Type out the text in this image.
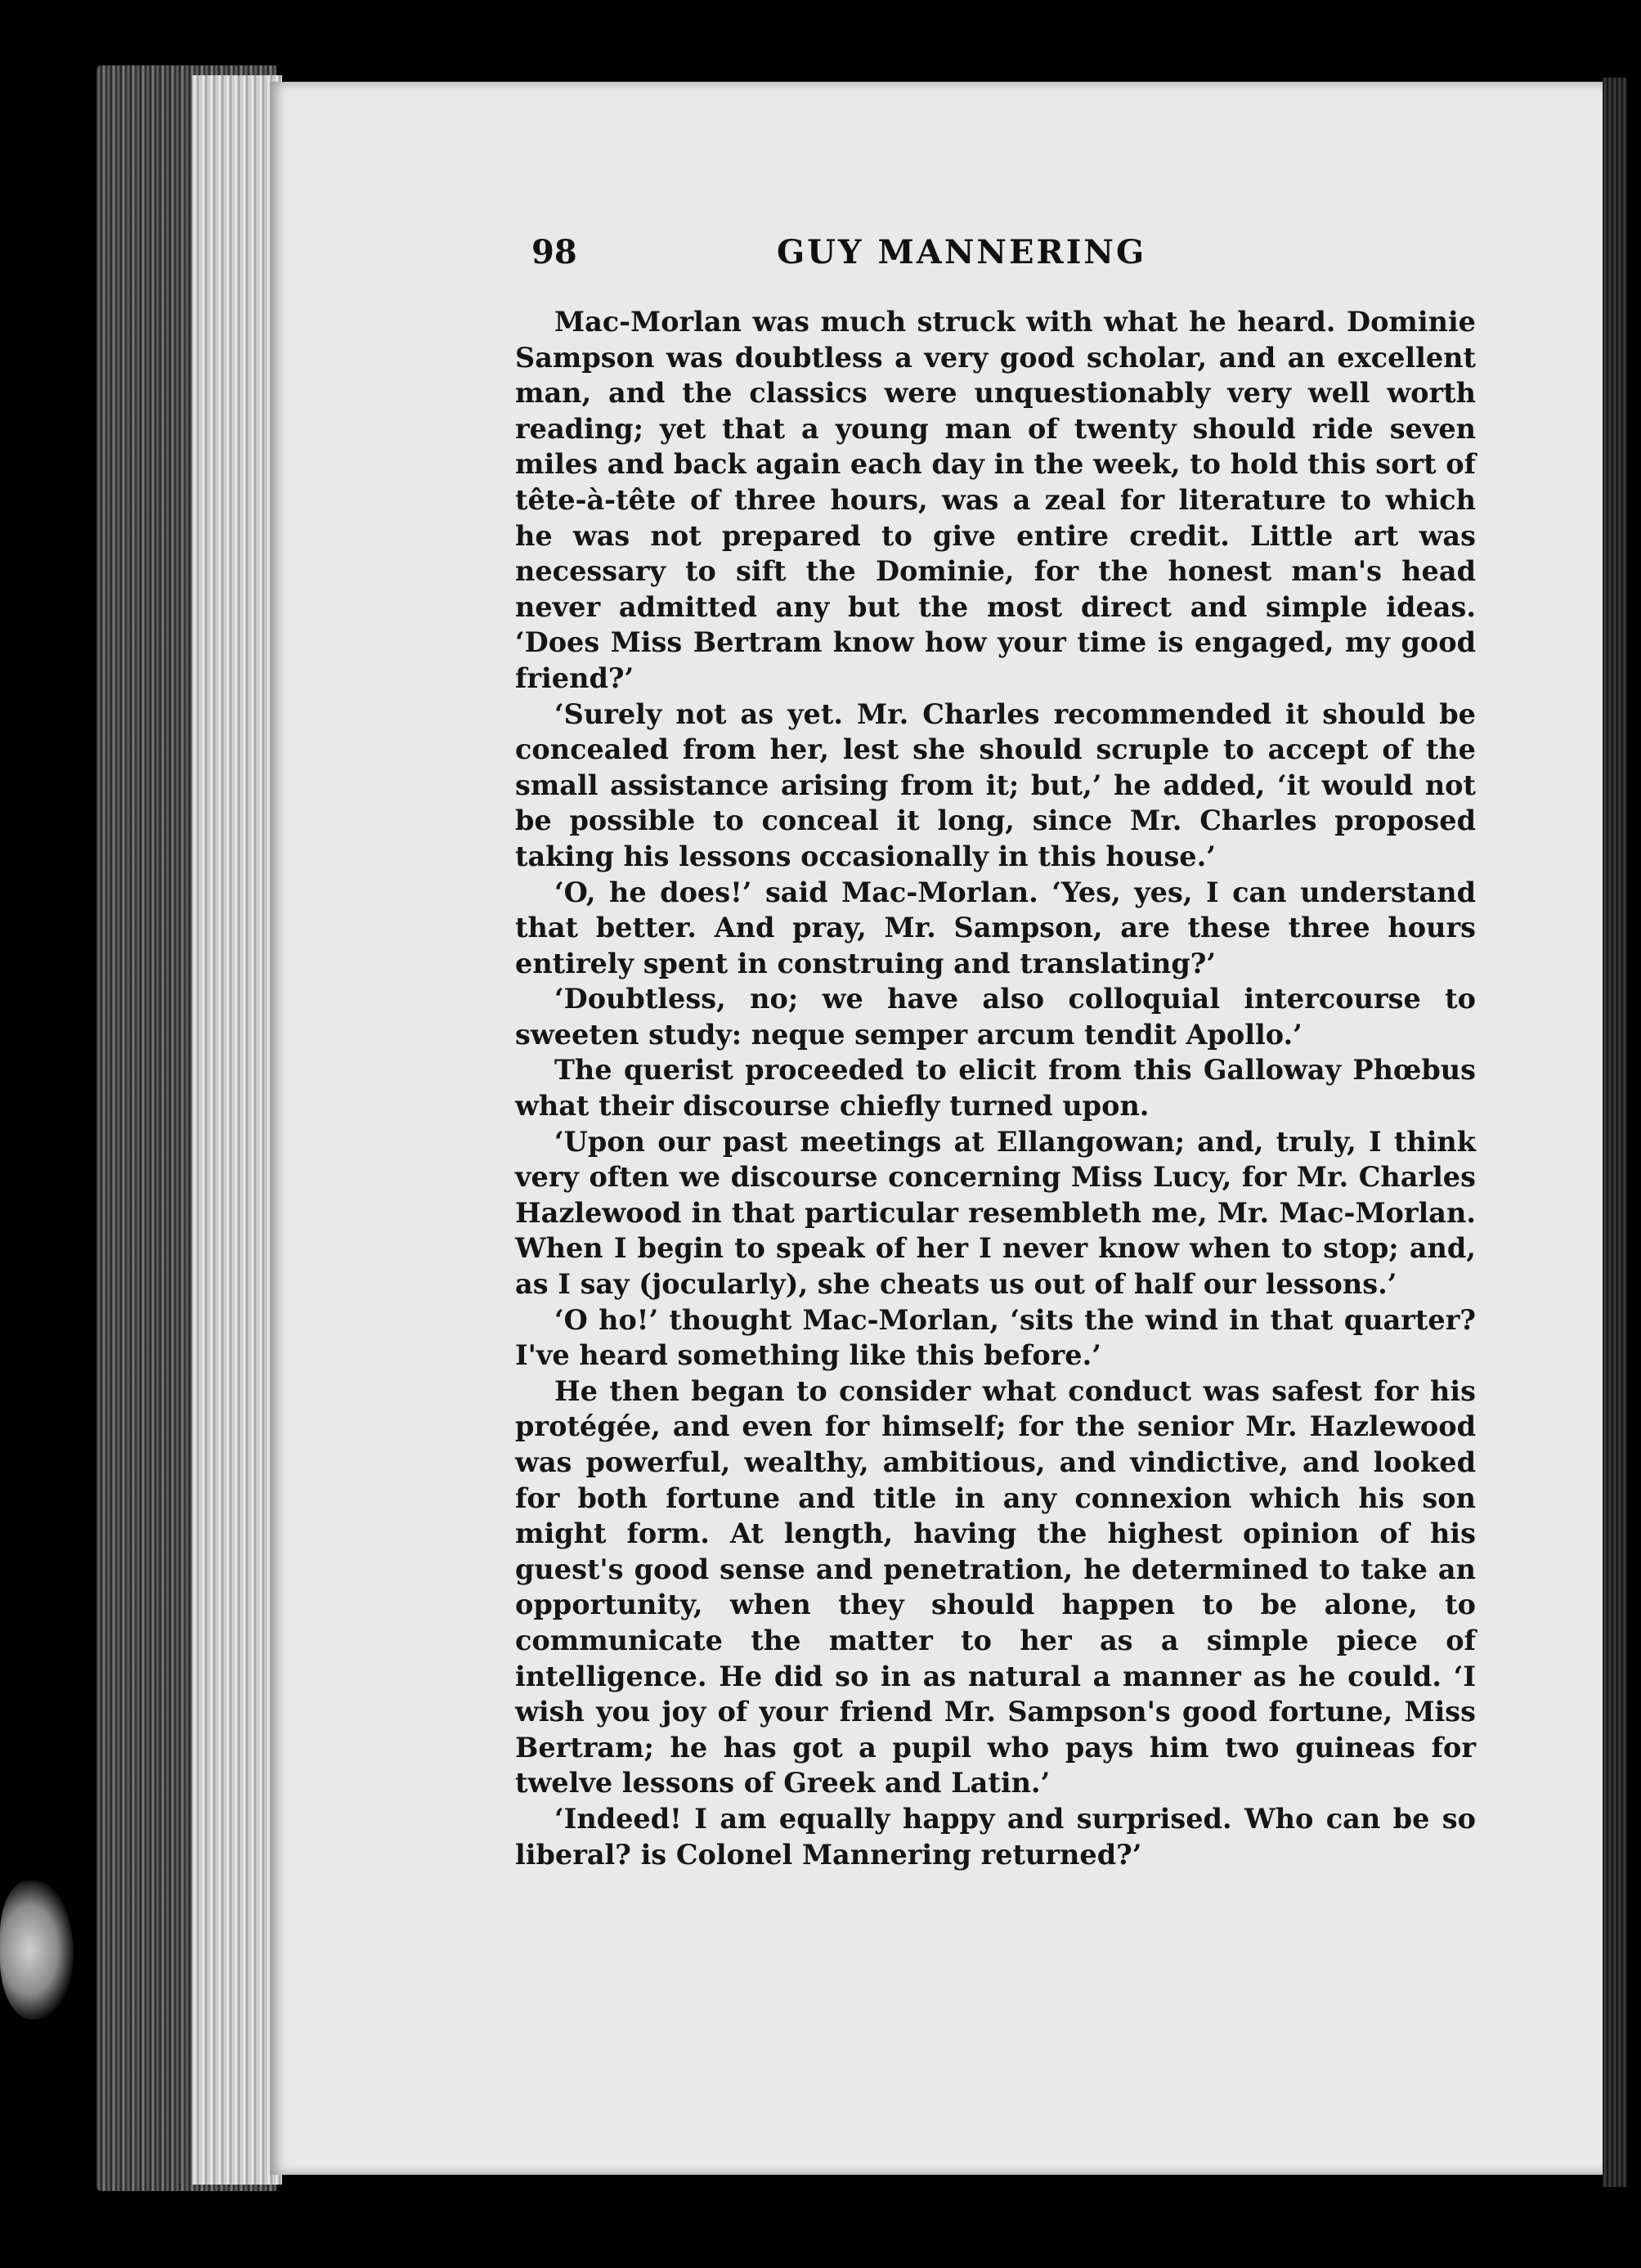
98	GUY MANNERING

Mac-Morlan was much struck with what he heard. Dominie Sampson was doubtless a very good scholar, and an excellent man, and the classics were unquestionably very well worth reading; yet that a young man of twenty should ride seven miles and back again each day in the week, to hold this sort of tête-à-tête of three hours, was a zeal for literature to which he was not prepared to give entire credit. Little art was necessary to sift the Dominie, for the honest man's head never admitted any but the most direct and simple ideas. ‘Does Miss Bertram know how your time is engaged, my good friend?’

‘Surely not as yet. Mr. Charles recommended it should be concealed from her, lest she should scruple to accept of the small assistance arising from it; but,’ he added, ‘it would not be possible to conceal it long, since Mr. Charles proposed taking his lessons occasionally in this house.’

‘O, he does!’ said Mac-Morlan. ‘Yes, yes, I can understand that better. And pray, Mr. Sampson, are these three hours entirely spent in construing and translating?’

‘Doubtless, no; we have also colloquial intercourse to sweeten study: neque semper arcum tendit Apollo.’

The querist proceeded to elicit from this Galloway Phœbus what their discourse chiefly turned upon.

‘Upon our past meetings at Ellangowan; and, truly, I think very often we discourse concerning Miss Lucy, for Mr. Charles Hazlewood in that particular resembleth me, Mr. Mac-Morlan. When I begin to speak of her I never know when to stop; and, as I say (jocularly), she cheats us out of half our lessons.’

‘O ho!’ thought Mac-Morlan, ‘sits the wind in that quarter? I've heard something like this before.’

He then began to consider what conduct was safest for his protégée, and even for himself; for the senior Mr. Hazlewood was powerful, wealthy, ambitious, and vindictive, and looked for both fortune and title in any connexion which his son might form. At length, having the highest opinion of his guest's good sense and penetration, he determined to take an opportunity, when they should happen to be alone, to communicate the matter to her as a simple piece of intelligence. He did so in as natural a manner as he could. ‘I wish you joy of your friend Mr. Sampson's good fortune, Miss Bertram; he has got a pupil who pays him two guineas for twelve lessons of Greek and Latin.’

‘Indeed! I am equally happy and surprised. Who can be so liberal? is Colonel Mannering returned?’
